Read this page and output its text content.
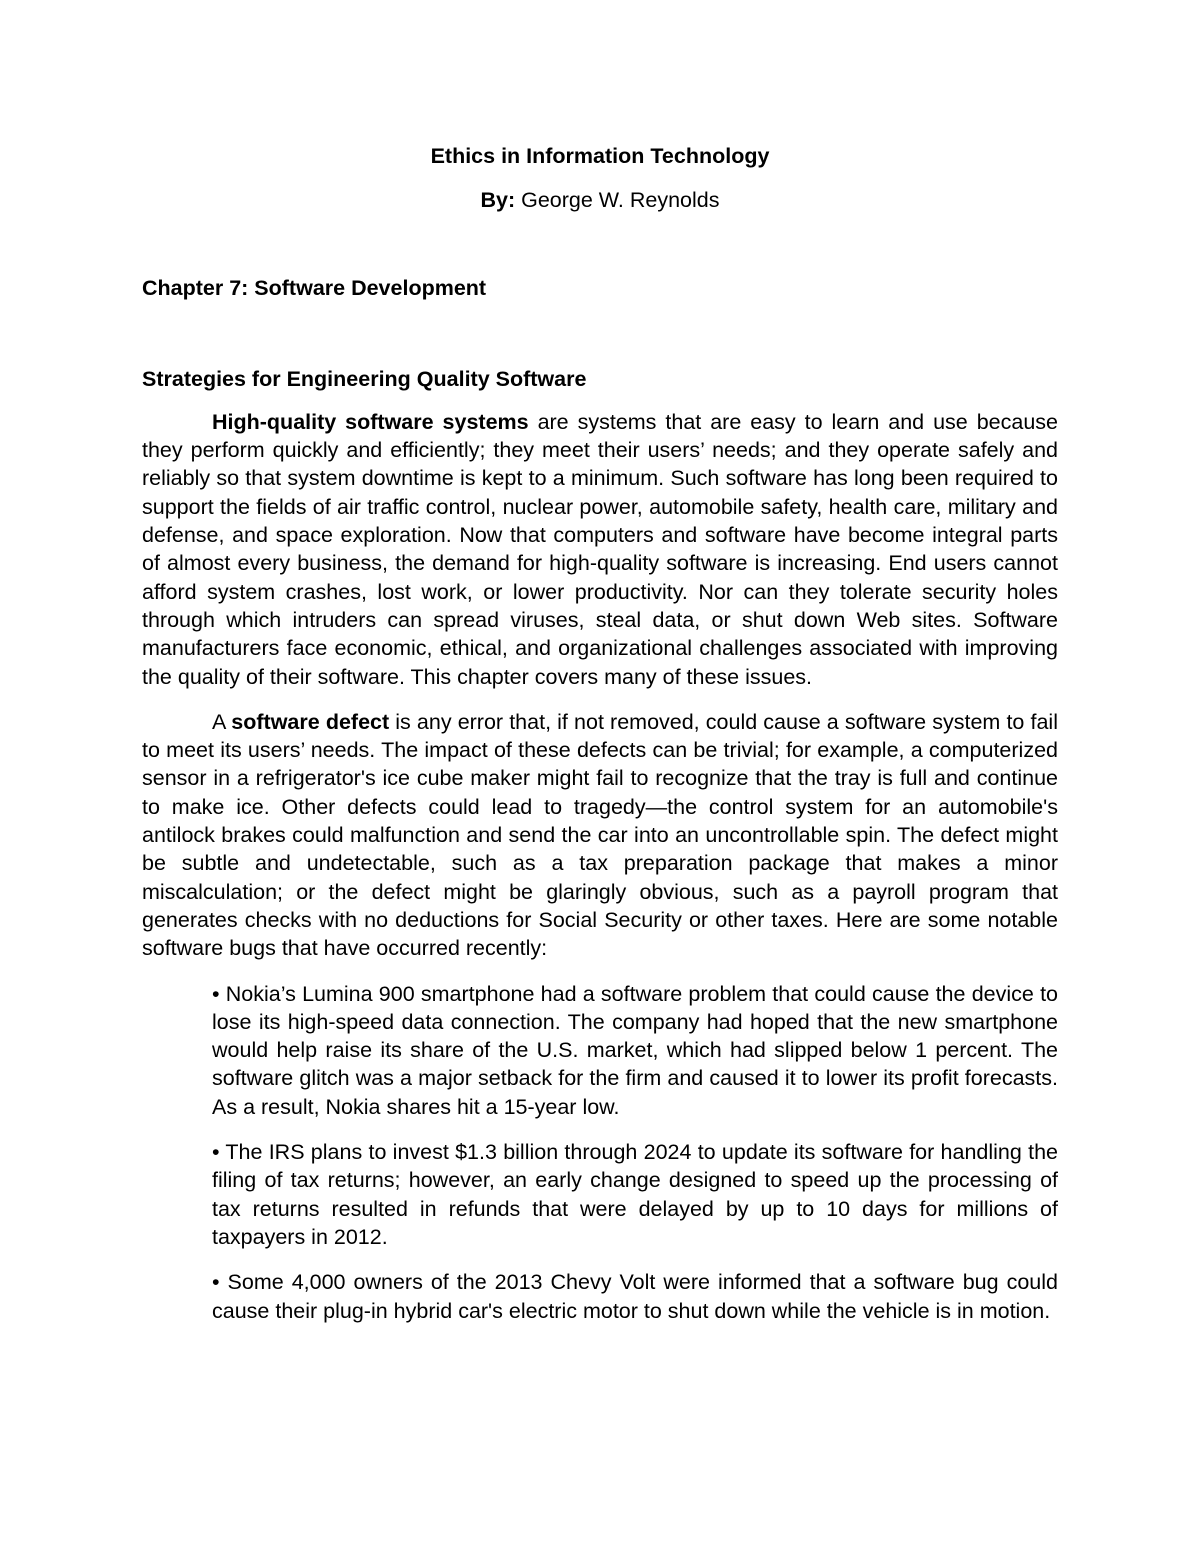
Ethics in Information Technology
By: George W. Reynolds
Chapter 7: Software Development
Strategies for Engineering Quality Software

High-quality software systems are systems that are easy to learn and use because they perform quickly and efficiently; they meet their users’ needs; and they operate safely and reliably so that system downtime is kept to a minimum. Such software has long been required to support the fields of air traffic control, nuclear power, automobile safety, health care, military and defense, and space exploration. Now that computers and software have become integral parts of almost every business, the demand for high-quality software is increasing. End users cannot afford system crashes, lost work, or lower productivity. Nor can they tolerate security holes through which intruders can spread viruses, steal data, or shut down Web sites. Software manufacturers face economic, ethical, and organizational challenges associated with improving the quality of their software. This chapter covers many of these issues.

A software defect is any error that, if not removed, could cause a software system to fail to meet its users’ needs. The impact of these defects can be trivial; for example, a computerized sensor in a refrigerator's ice cube maker might fail to recognize that the tray is full and continue to make ice. Other defects could lead to tragedy—the control system for an automobile's antilock brakes could malfunction and send the car into an uncontrollable spin. The defect might be subtle and undetectable, such as a tax preparation package that makes a minor miscalculation; or the defect might be glaringly obvious, such as a payroll program that generates checks with no deductions for Social Security or other taxes. Here are some notable software bugs that have occurred recently:

• Nokia’s Lumina 900 smartphone had a software problem that could cause the device to lose its high-speed data connection. The company had hoped that the new smartphone would help raise its share of the U.S. market, which had slipped below 1 percent. The software glitch was a major setback for the firm and caused it to lower its profit forecasts. As a result, Nokia shares hit a 15-year low.
• The IRS plans to invest $1.3 billion through 2024 to update its software for handling the filing of tax returns; however, an early change designed to speed up the processing of tax returns resulted in refunds that were delayed by up to 10 days for millions of taxpayers in 2012.
• Some 4,000 owners of the 2013 Chevy Volt were informed that a software bug could cause their plug-in hybrid car's electric motor to shut down while the vehicle is in motion.
